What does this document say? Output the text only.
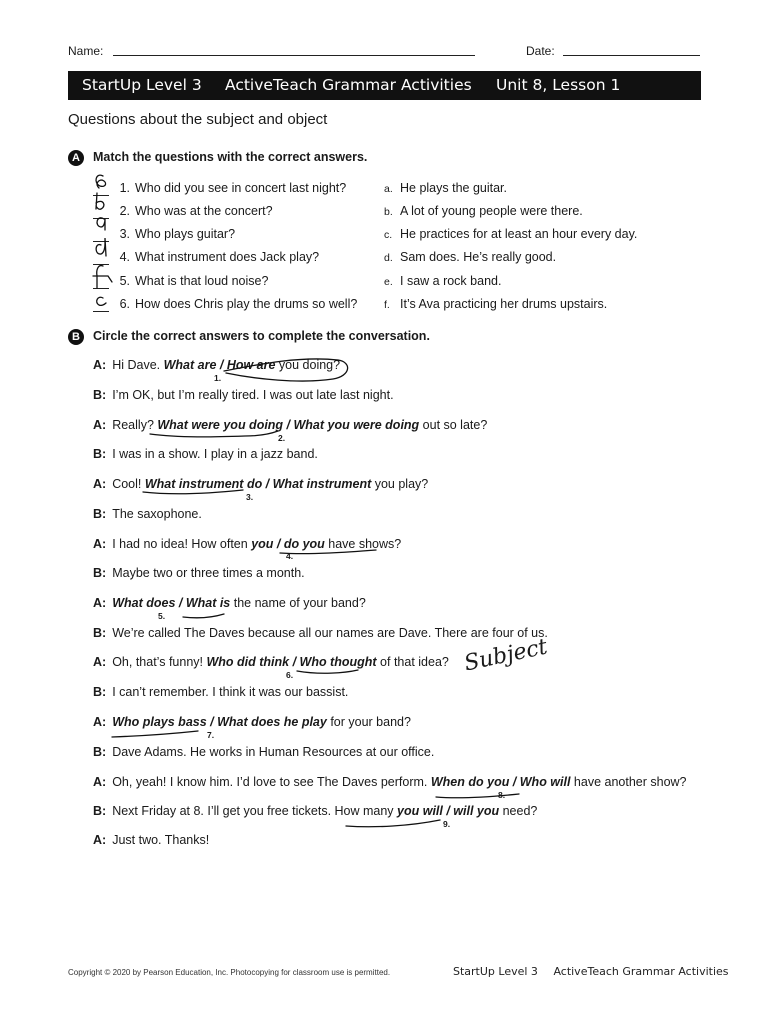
Name:	Date:
StartUp Level 3 ActiveTeach Grammar Activities Unit 8, Lesson 1
Questions about the subject and object
A	Match the questions with the correct answers.
1. Who did you see in concert last night?
2. Who was at the concert?
3. Who plays guitar?
4. What instrument does Jack play?
5. What is that loud noise?
6. How does Chris play the drums so well?
a. He plays the guitar.
b. A lot of young people were there.
c. He practices for at least an hour every day.
d. Sam does. He’s really good.
e. I saw a rock band.
f. It’s Ava practicing her drums upstairs.
B	Circle the correct answers to complete the conversation.
A: Hi Dave. What are / How are you doing?
B: I’m OK, but I’m really tired. I was out late last night.
A: Really? What were you doing / What you were doing out so late?
B: I was in a show. I play in a jazz band.
A: Cool! What instrument do / What instrument you play?
B: The saxophone.
A: I had no idea! How often you / do you have shows?
B: Maybe two or three times a month.
A: What does / What is the name of your band?
B: We’re called The Daves because all our names are Dave. There are four of us.
A: Oh, that’s funny! Who did think / Who thought of that idea?
B: I can’t remember. I think it was our bassist.
A: Who plays bass / What does he play for your band?
B: Dave Adams. He works in Human Resources at our office.
A: Oh, yeah! I know him. I’d love to see The Daves perform. When do you / Who will have another show?
B: Next Friday at 8. I’ll get you free tickets. How many you will / will you need?
A: Just two. Thanks!
1.
2.
3.
4.
5.
6.
7.
8.
9.
Subject
Copyright © 2020 by Pearson Education, Inc. Photocopying for classroom use is permitted.	StartUp Level 3 ActiveTeach Grammar Activities
